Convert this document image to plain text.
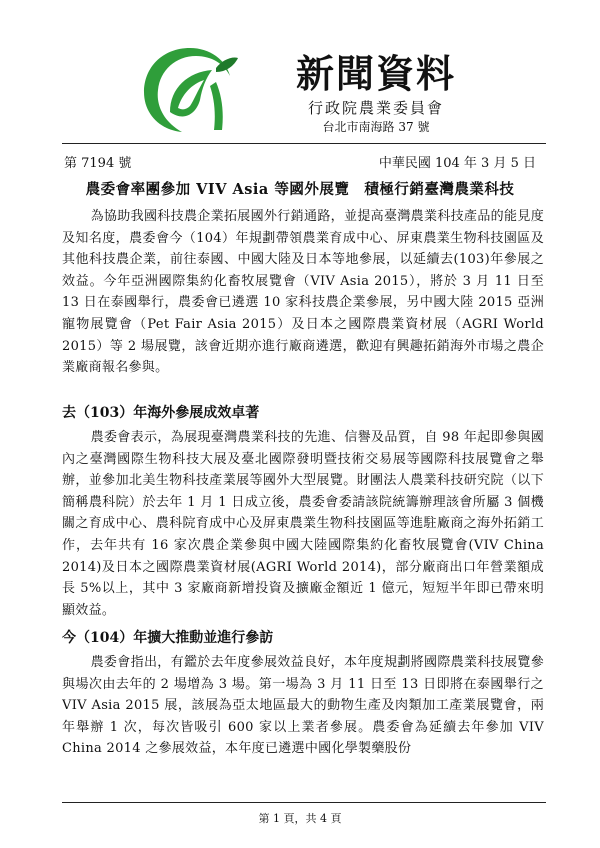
新聞資料
行政院農業委員會
台北市南海路 37 號
第 7194 號	中華民國 104 年 3 月 5 日
農委會率團參加 VIV Asia 等國外展覽　積極行銷臺灣農業科技

為協助我國科技農企業拓展國外行銷通路，並提高臺灣農業科技產品的能見度及知名度，農委會今（104）年規劃帶領農業育成中心、屏東農業生物科技園區及其他科技農企業，前往泰國、中國大陸及日本等地參展，以延續去(103)年參展之效益。今年亞洲國際集約化畜牧展覽會（VIV Asia 2015），將於 3 月 11 日至 13 日在泰國舉行，農委會已遴選 10 家科技農企業參展，另中國大陸 2015 亞洲寵物展覽會（Pet Fair Asia 2015）及日本之國際農業資材展（AGRI World 2015）等 2 場展覽，該會近期亦進行廠商遴選，歡迎有興趣拓銷海外市場之農企業廠商報名參與。

去（103）年海外參展成效卓著

農委會表示，為展現臺灣農業科技的先進、信譽及品質，自 98 年起即參與國內之臺灣國際生物科技大展及臺北國際發明暨技術交易展等國際科技展覽會之舉辦，並參加北美生物科技產業展等國外大型展覽。財團法人農業科技研究院（以下簡稱農科院）於去年 1 月 1 日成立後，農委會委請該院統籌辦理該會所屬 3 個機關之育成中心、農科院育成中心及屏東農業生物科技園區等進駐廠商之海外拓銷工作，去年共有 16 家次農企業參與中國大陸國際集約化畜牧展覽會(VIV China 2014)及日本之國際農業資材展(AGRI World 2014)，部分廠商出口年營業額成長 5%以上，其中 3 家廠商新增投資及擴廠金額近 1 億元，短短半年即已帶來明顯效益。

今（104）年擴大推動並進行參訪

農委會指出，有鑑於去年度參展效益良好，本年度規劃將國際農業科技展覽參與場次由去年的 2 場增為 3 場。第一場為 3 月 11 日至 13 日即將在泰國舉行之 VIV Asia 2015 展，該展為亞太地區最大的動物生產及肉類加工產業展覽會，兩年舉辦 1 次，每次皆吸引 600 家以上業者參展。農委會為延續去年參加 VIV China 2014 之參展效益，本年度已遴選中國化學製藥股份

第 1 頁，共 4 頁
